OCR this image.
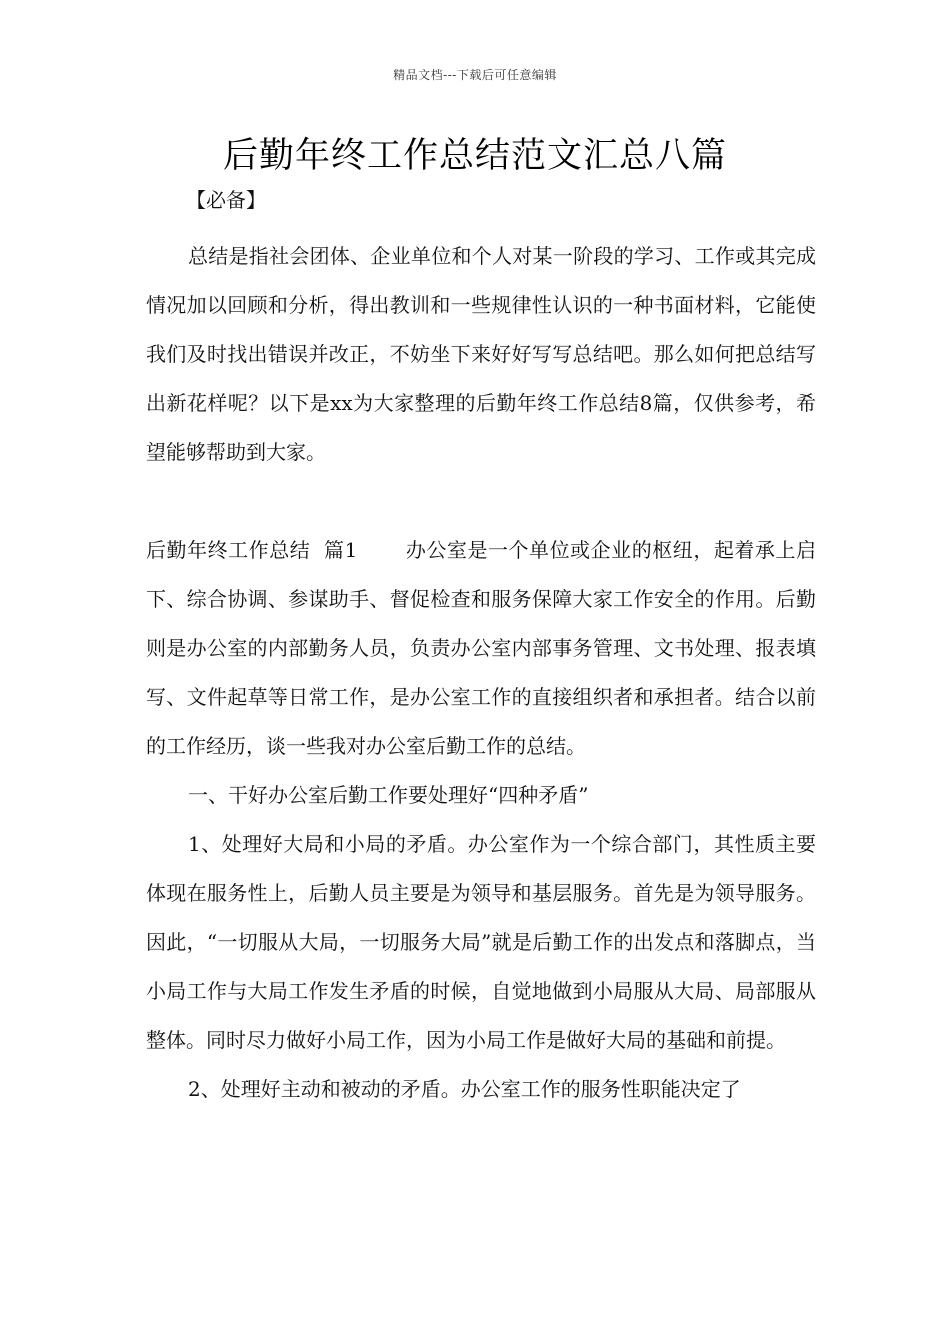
精品文档---下载后可任意编辑
后勤年终工作总结范文汇总八篇

【必备】

总结是指社会团体、企业单位和个人对某一阶段的学习、工作或其完成情况加以回顾和分析，得出教训和一些规律性认识的一种书面材料，它能使我们及时找出错误并改正，不妨坐下来好好写写总结吧。那么如何把总结写出新花样呢？以下是xx为大家整理的后勤年终工作总结8篇，仅供参考，希望能够帮助到大家。

后勤年终工作总结  篇1 办公室是一个单位或企业的枢纽，起着承上启下、综合协调、参谋助手、督促检查和服务保障大家工作安全的作用。后勤则是办公室的内部勤务人员，负责办公室内部事务管理、文书处理、报表填写、文件起草等日常工作，是办公室工作的直接组织者和承担者。结合以前的工作经历，谈一些我对办公室后勤工作的总结。

一、干好办公室后勤工作要处理好“四种矛盾”

1、处理好大局和小局的矛盾。办公室作为一个综合部门，其性质主要体现在服务性上，后勤人员主要是为领导和基层服务。首先是为领导服务。因此，“一切服从大局，一切服务大局”就是后勤工作的出发点和落脚点，当小局工作与大局工作发生矛盾的时候，自觉地做到小局服从大局、局部服从整体。同时尽力做好小局工作，因为小局工作是做好大局的基础和前提。

2、处理好主动和被动的矛盾。办公室工作的服务性职能决定了
